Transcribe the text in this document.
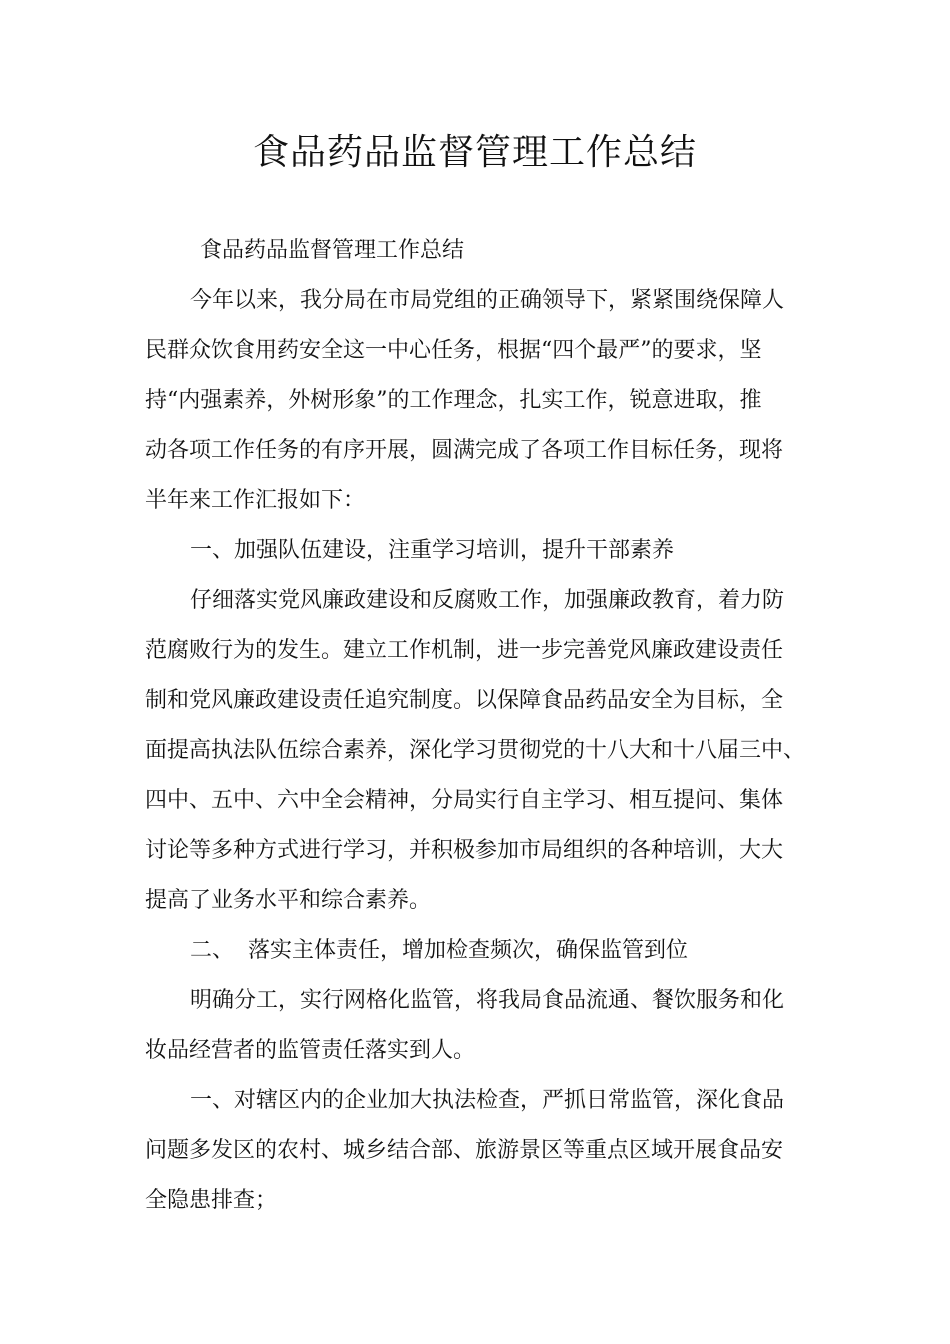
食品药品监督管理工作总结
食品药品监督管理工作总结
今年以来，我分局在市局党组的正确领导下，紧紧围绕保障人
民群众饮食用药安全这一中心任务，根据“四个最严”的要求，坚
持“内强素养，外树形象”的工作理念，扎实工作，锐意进取，推
动各项工作任务的有序开展，圆满完成了各项工作目标任务，现将
半年来工作汇报如下：
一、加强队伍建设，注重学习培训，提升干部素养
仔细落实党风廉政建设和反腐败工作，加强廉政教育，着力防
范腐败行为的发生。建立工作机制，进一步完善党风廉政建设责任
制和党风廉政建设责任追究制度。以保障食品药品安全为目标，全
面提高执法队伍综合素养，深化学习贯彻党的十八大和十八届三中、
四中、五中、六中全会精神，分局实行自主学习、相互提问、集体
讨论等多种方式进行学习，并积极参加市局组织的各种培训，大大
提高了业务水平和综合素养。
二、  落实主体责任，增加检查频次，确保监管到位
明确分工，实行网格化监管，将我局食品流通、餐饮服务和化
妆品经营者的监管责任落实到人。
一、对辖区内的企业加大执法检查，严抓日常监管，深化食品
问题多发区的农村、城乡结合部、旅游景区等重点区域开展食品安
全隐患排查；
